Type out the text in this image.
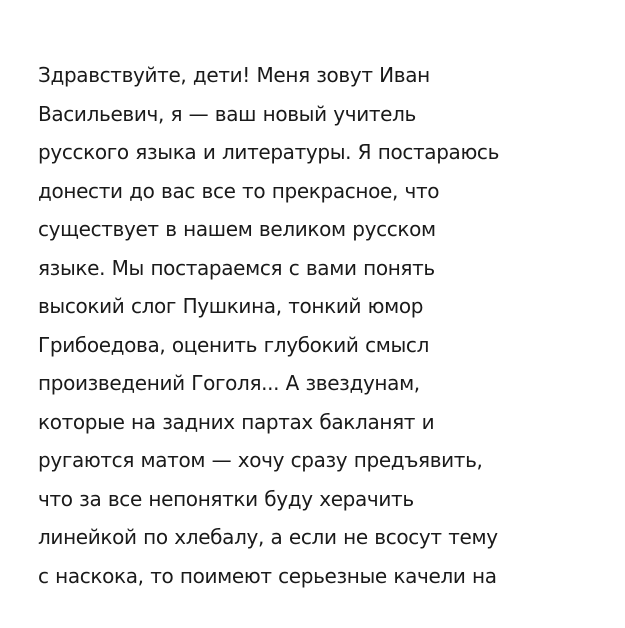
Здравствуйте, дети! Меня зовут Иван
Васильевич, я — ваш новый учитель
русского языка и литературы. Я постараюсь
донести до вас все то прекрасное, что
существует в нашем великом русском
языке. Мы постараемся с вами понять
высокий слог Пушкина, тонкий юмор
Грибоедова, оценить глубокий смысл
произведений Гоголя... А звездунам,
которые на задних партах бакланят и
ругаются матом — хочу сразу предъявить,
что за все непонятки буду херачить
линейкой по хлебалу, а если не всосут тему
с наскока, то поимеют серьезные качели на
